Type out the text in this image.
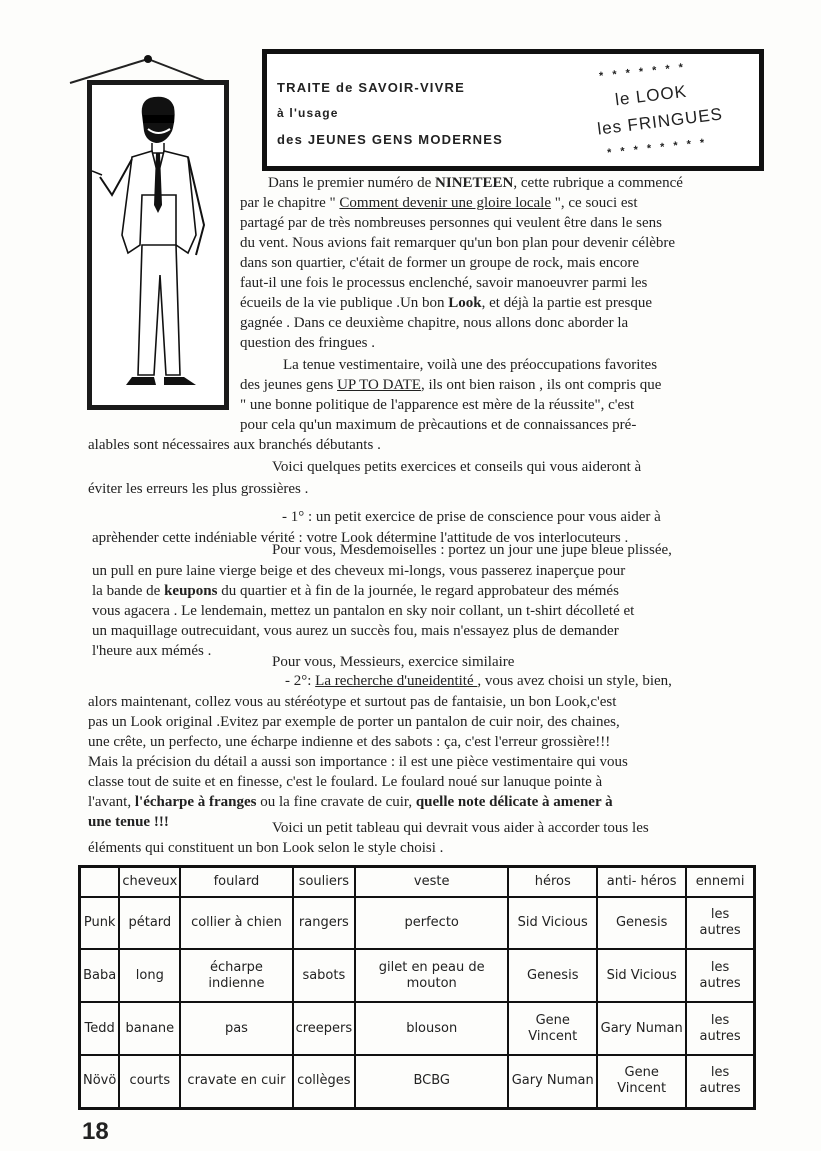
TRAITE de SAVOIR-VIVRE
à l'usage
des JEUNES GENS MODERNES
* * * * * * *
le LOOK
les FRINGUES
* * * * * * * *
Dans le premier numéro de NINETEEN, cette rubrique a commencé
par le chapitre " Comment devenir une gloire locale ", ce souci est
partagé par de très nombreuses personnes qui veulent être dans le sens
du vent. Nous avions fait remarquer qu'un bon plan pour devenir célèbre
dans son quartier, c'était de former un groupe de rock, mais encore
faut-il une fois le processus enclenché, savoir manoeuvrer parmi les
écueils de la vie publique .Un bon Look, et déjà la partie est presque
gagnée . Dans ce deuxième chapitre, nous allons donc aborder la
question des fringues .
La tenue vestimentaire, voilà une des préoccupations favorites
des jeunes gens UP TO DATE, ils ont bien raison , ils ont compris que
" une bonne politique de l'apparence est mère de la réussite", c'est
pour cela qu'un maximum de prècautions et de connaissances pré-
alables sont nécessaires aux branchés débutants .
Voici quelques petits exercices et conseils qui vous aideront à
éviter les erreurs les plus grossières .
- 1° : un petit exercice de prise de conscience pour vous aider à
aprèhender cette indéniable vérité : votre Look détermine l'attitude de vos interlocuteurs .
Pour vous, Mesdemoiselles : portez un jour une jupe bleue plissée,
un pull en pure laine vierge beige et des cheveux mi-longs, vous passerez inaperçue pour
la bande de keupons du quartier et à fin de la journée, le regard approbateur des mémés
vous agacera . Le lendemain, mettez un pantalon en sky noir collant, un t-shirt décolleté et
un maquillage outrecuidant, vous aurez un succès fou, mais n'essayez plus de demander
l'heure aux mémés .
Pour vous, Messieurs, exercice similaire
- 2°: La recherche d'uneidentité , vous avez choisi un style, bien,
alors maintenant, collez vous au stéréotype et surtout pas de fantaisie, un bon Look,c'est
pas un Look original .Evitez par exemple de porter un pantalon de cuir noir, des chaines,
une crête, un perfecto, une écharpe indienne et des sabots : ça, c'est l'erreur grossière!!!
Mais la précision du détail a aussi son importance : il est une pièce vestimentaire qui vous
classe tout de suite et en finesse, c'est le foulard. Le foulard noué sur lanuque pointe à
l'avant, l'écharpe à franges ou la fine cravate de cuir, quelle note délicate à amener à
une tenue !!!	Voici un petit tableau qui devrait vous aider à accorder tous les
éléments qui constituent un bon Look selon le style choisi .
	cheveux	foulard	souliers	veste	héros	anti- héros	ennemi
Punk	pétard	collier à chien	rangers	perfecto	Sid Vicious	Genesis	les autres
Baba	long	écharpe indienne	sabots	gilet en peau de mouton	Genesis	Sid Vicious	les autres
Tedd	banane	pas	creepers	blouson	Gene Vincent	Gary Numan	les autres
Növö	courts	cravate en cuir	collèges	BCBG	Gary Numan	Gene Vincent	les autres
18
